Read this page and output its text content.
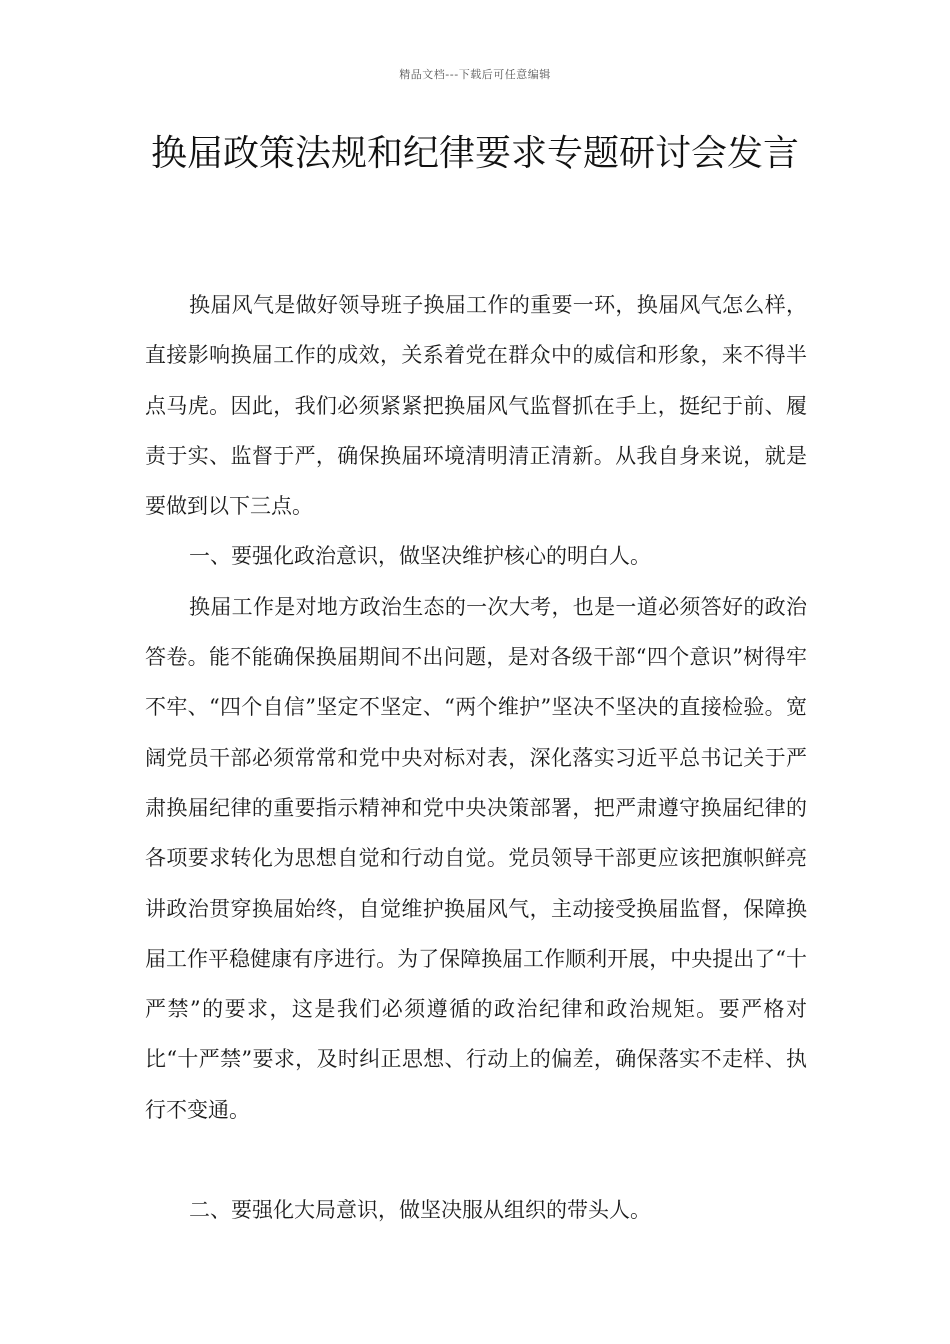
精品文档---下载后可任意编辑
换届政策法规和纪律要求专题研讨会发言

换届风气是做好领导班子换届工作的重要一环，换届风气怎么样，直接影响换届工作的成效，关系着党在群众中的威信和形象，来不得半点马虎。因此，我们必须紧紧把换届风气监督抓在手上，挺纪于前、履责于实、监督于严，确保换届环境清明清正清新。从我自身来说，就是要做到以下三点。

一、要强化政治意识，做坚决维护核心的明白人。

换届工作是对地方政治生态的一次大考，也是一道必须答好的政治答卷。能不能确保换届期间不出问题，是对各级干部“四个意识”树得牢不牢、“四个自信”坚定不坚定、“两个维护”坚决不坚决的直接检验。宽阔党员干部必须常常和党中央对标对表，深化落实习近平总书记关于严肃换届纪律的重要指示精神和党中央决策部署，把严肃遵守换届纪律的各项要求转化为思想自觉和行动自觉。党员领导干部更应该把旗帜鲜亮讲政治贯穿换届始终，自觉维护换届风气，主动接受换届监督，保障换届工作平稳健康有序进行。为了保障换届工作顺利开展，中央提出了“十严禁”的要求，这是我们必须遵循的政治纪律和政治规矩。要严格对比“十严禁”要求，及时纠正思想、行动上的偏差，确保落实不走样、执行不变通。

二、要强化大局意识，做坚决服从组织的带头人。
